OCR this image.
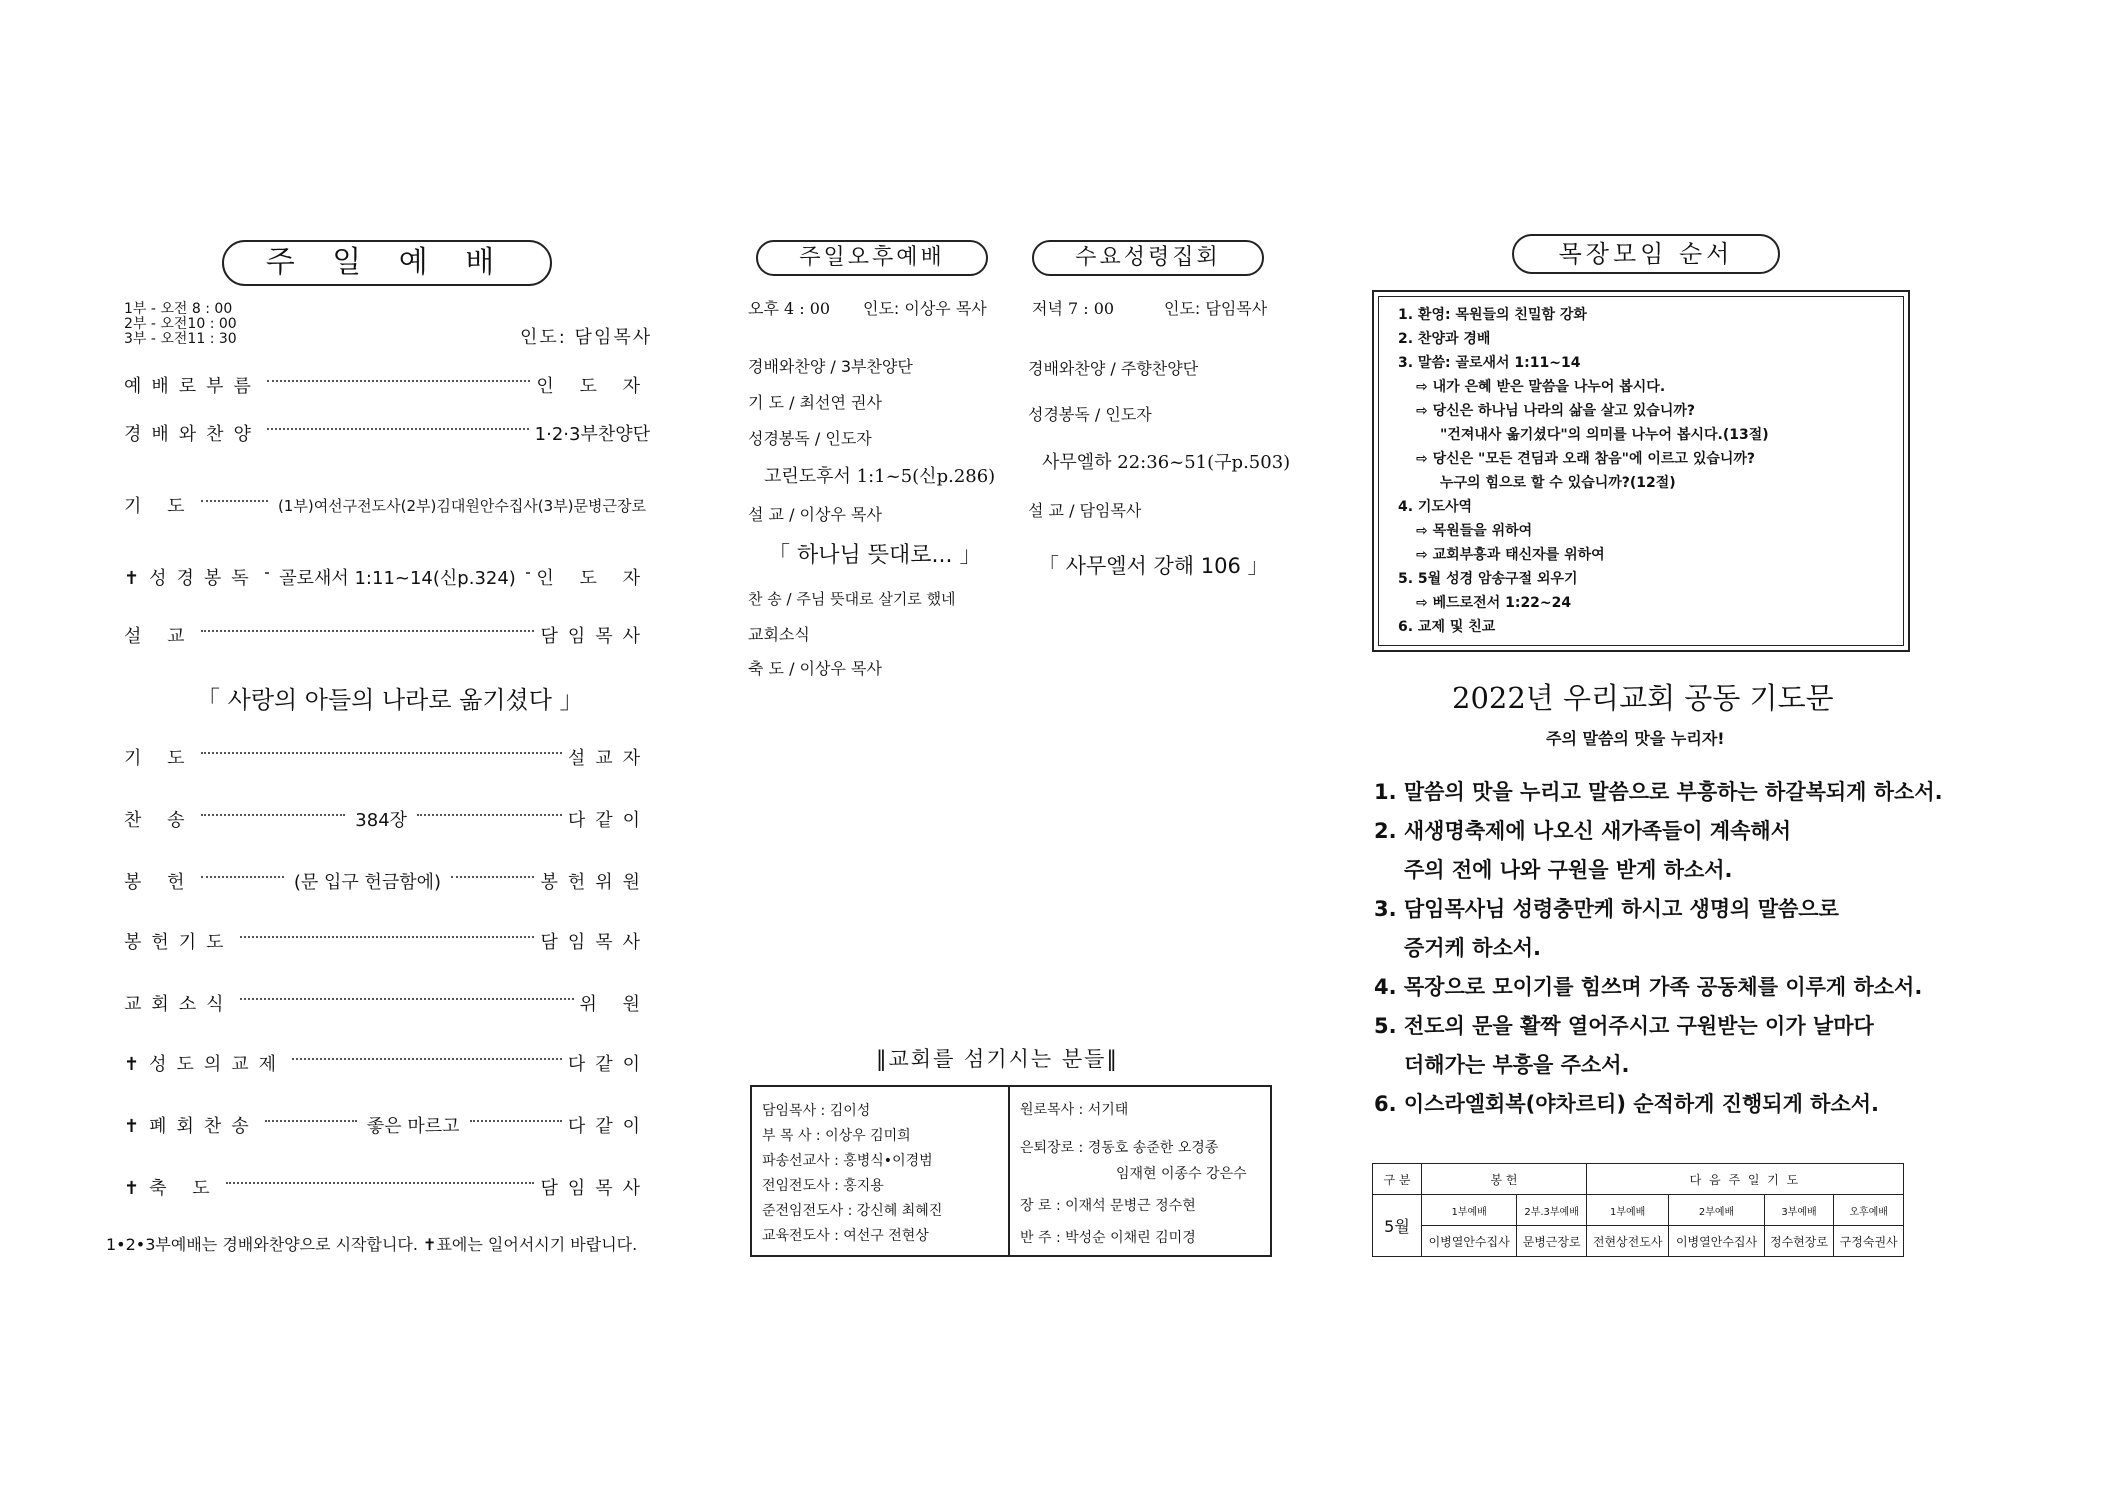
주 일 예 배
1부 - 오전 8 : 00
2부 - 오전10 : 00
3부 - 오전11 : 30	인도: 담임목사
예배로부름	인 도 자
경배와찬양	1·2·3부찬양단
기 도	(1부)여선구전도사(2부)김대원안수집사(3부)문병근장로
✝성경봉독 골로새서 1:11~14(신p.324) 인 도 자
설 교	담임목사
기 도	설교자
찬 송	384장	다같이
봉 헌	(문 입구 헌금함에)	봉헌위원
봉헌기도	담임목사
교회소식	위 원
✝성도의교제	다같이
✝폐회찬송	좋은 마르고	다같이
✝축 도	담임목사
「 사랑의 아들의 나라로 옮기셨다 」
1•2•3부예배는 경배와찬양으로 시작합니다. ✝표에는 일어서시기 바랍니다.
주일오후예배
오후 4 : 00 인도: 이상우 목사
경배와찬양 / 3부찬양단
기 도 / 최선연 권사
성경봉독 / 인도자
고린도후서 1:1~5(신p.286)
설 교 / 이상우 목사
「 하나님 뜻대로... 」
찬 송 / 주님 뜻대로 살기로 했네
교회소식
축 도 / 이상우 목사
수요성령집회
저녁 7 : 00	인도: 담임목사
경배와찬양 / 주향찬양단
성경봉독 / 인도자
사무엘하 22:36~51(구p.503)
설 교 / 담임목사
「 사무엘서 강해 106 」
‖교회를 섬기시는 분들‖
담임목사 : 김이성
부 목 사 : 이상우 김미희
파송선교사 : 홍병식•이경범
전임전도사 : 홍지용
준전임전도사 : 강신혜 최혜진
교육전도사 : 여선구 전현상
원로목사 : 서기태
은퇴장로 : 경동호 송준한 오경종
임재현 이종수 강은수
장 로 : 이재석 문병근 정수현
반 주 : 박성순 이채린 김미경
목장모임 순서
1. 환영: 목원들의 친밀함 강화
2. 찬양과 경배
3. 말씀: 골로새서 1:11~14
⇨ 내가 은혜 받은 말씀을 나누어 봅시다.
⇨ 당신은 하나님 나라의 삶을 살고 있습니까?
"건져내사 옮기셨다"의 의미를 나누어 봅시다.(13절)
⇨ 당신은 "모든 견딤과 오래 참음"에 이르고 있습니까?
누구의 힘으로 할 수 있습니까?(12절)
4. 기도사역
⇨ 목원들을 위하여
⇨ 교회부흥과 태신자를 위하여
5. 5월 성경 암송구절 외우기
⇨ 베드로전서 1:22~24
6. 교제 및 친교
2022년 우리교회 공동 기도문
주의 말씀의 맛을 누리자!
1. 말씀의 맛을 누리고 말씀으로 부흥하는 하갈복되게 하소서.
2. 새생명축제에 나오신 새가족들이 계속해서
주의 전에 나와 구원을 받게 하소서.
3. 담임목사님 성령충만케 하시고 생명의 말씀으로
증거케 하소서.
4. 목장으로 모이기를 힘쓰며 가족 공동체를 이루게 하소서.
5. 전도의 문을 활짝 열어주시고 구원받는 이가 날마다
더해가는 부흥을 주소서.
6. 이스라엘회복(야차르티) 순적하게 진행되게 하소서.
구 분	봉 헌		다 음 주 일 기 도			
5월	1부예배	2부.3부예배	1부예배	2부예배	3부예배	오후예배
	이병열안수집사	문병근장로	전현상전도사	이병열안수집사	정수현장로	구정숙권사
